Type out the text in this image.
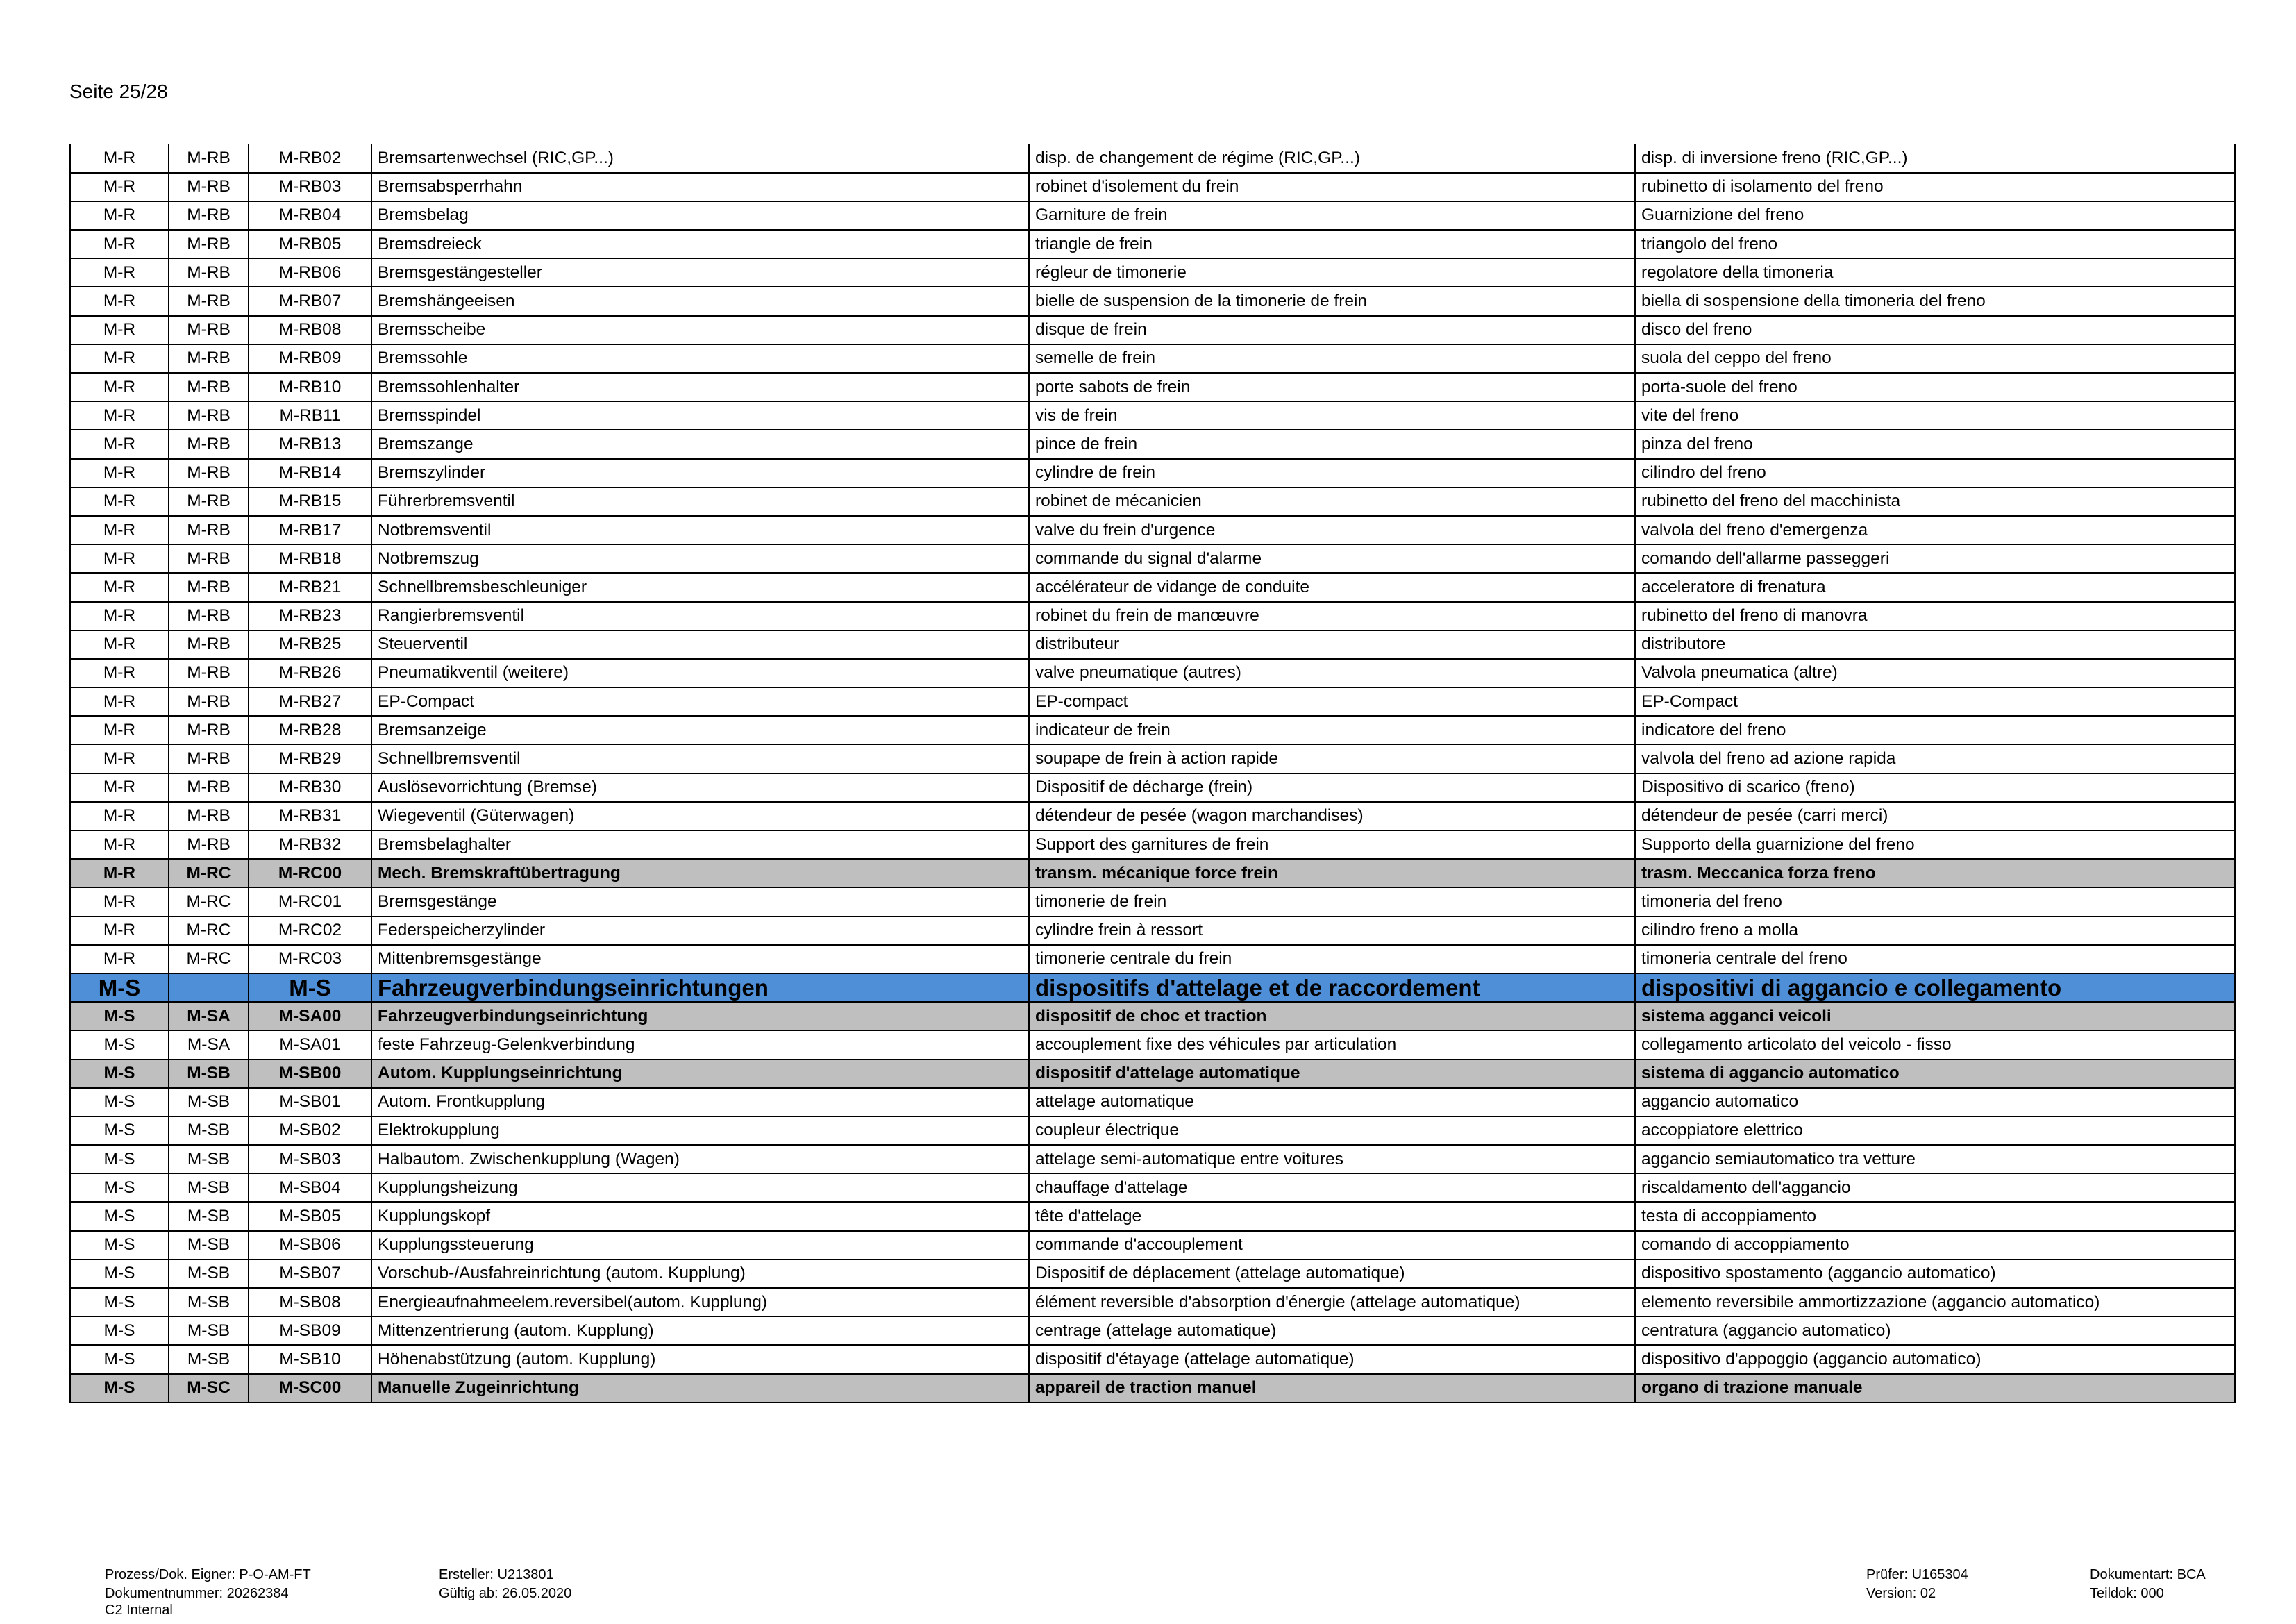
Seite 25/28
M-R	M-RB	M-RB02	Bremsartenwechsel (RIC,GP...)	disp. de changement de régime (RIC,GP...)	disp. di inversione freno (RIC,GP...)
M-R	M-RB	M-RB03	Bremsabsperrhahn	robinet d'isolement du frein	rubinetto di isolamento del freno
M-R	M-RB	M-RB04	Bremsbelag	Garniture de frein	Guarnizione del freno
M-R	M-RB	M-RB05	Bremsdreieck	triangle de frein	triangolo del freno
M-R	M-RB	M-RB06	Bremsgestängesteller	régleur de timonerie	regolatore della timoneria
M-R	M-RB	M-RB07	Bremshängeeisen	bielle de suspension de la timonerie de frein	biella di sospensione della timoneria del freno
M-R	M-RB	M-RB08	Bremsscheibe	disque de frein	disco del freno
M-R	M-RB	M-RB09	Bremssohle	semelle de frein	suola del ceppo del freno
M-R	M-RB	M-RB10	Bremssohlenhalter	porte sabots de frein	porta-suole del freno
M-R	M-RB	M-RB11	Bremsspindel	vis de frein	vite del freno
M-R	M-RB	M-RB13	Bremszange	pince de frein	pinza del freno
M-R	M-RB	M-RB14	Bremszylinder	cylindre de frein	cilindro del freno
M-R	M-RB	M-RB15	Führerbremsventil	robinet de mécanicien	rubinetto del freno del macchinista
M-R	M-RB	M-RB17	Notbremsventil	valve du frein d'urgence	valvola del freno d'emergenza
M-R	M-RB	M-RB18	Notbremszug	commande du signal d'alarme	comando dell'allarme passeggeri
M-R	M-RB	M-RB21	Schnellbremsbeschleuniger	accélérateur de vidange de conduite	acceleratore di frenatura
M-R	M-RB	M-RB23	Rangierbremsventil	robinet du frein de manœuvre	rubinetto del freno di manovra
M-R	M-RB	M-RB25	Steuerventil	distributeur	distributore
M-R	M-RB	M-RB26	Pneumatikventil (weitere)	valve pneumatique (autres)	Valvola pneumatica (altre)
M-R	M-RB	M-RB27	EP-Compact	EP-compact	EP-Compact
M-R	M-RB	M-RB28	Bremsanzeige	indicateur de frein	indicatore del freno
M-R	M-RB	M-RB29	Schnellbremsventil	soupape de frein à action rapide	valvola del freno ad azione rapida
M-R	M-RB	M-RB30	Auslösevorrichtung (Bremse)	Dispositif de décharge (frein)	Dispositivo di scarico (freno)
M-R	M-RB	M-RB31	Wiegeventil (Güterwagen)	détendeur de pesée (wagon marchandises)	détendeur de pesée (carri merci)
M-R	M-RB	M-RB32	Bremsbelaghalter	Support des garnitures de frein	Supporto della guarnizione del freno
M-R	M-RC	M-RC00	Mech. Bremskraftübertragung	transm. mécanique force frein	trasm. Meccanica forza freno
M-R	M-RC	M-RC01	Bremsgestänge	timonerie de frein	timoneria del freno
M-R	M-RC	M-RC02	Federspeicherzylinder	cylindre frein à ressort	cilindro freno a molla
M-R	M-RC	M-RC03	Mittenbremsgestänge	timonerie centrale du frein	timoneria centrale del freno
M-S		M-S	Fahrzeugverbindungseinrichtungen	dispositifs d'attelage et de raccordement	dispositivi di aggancio e collegamento
M-S	M-SA	M-SA00	Fahrzeugverbindungseinrichtung	dispositif de choc et traction	sistema agganci veicoli
M-S	M-SA	M-SA01	feste Fahrzeug-Gelenkverbindung	accouplement fixe des véhicules par articulation	collegamento articolato del veicolo - fisso
M-S	M-SB	M-SB00	Autom. Kupplungseinrichtung	dispositif d'attelage automatique	sistema di aggancio automatico
M-S	M-SB	M-SB01	Autom. Frontkupplung	attelage automatique	aggancio automatico
M-S	M-SB	M-SB02	Elektrokupplung	coupleur électrique	accoppiatore elettrico
M-S	M-SB	M-SB03	Halbautom. Zwischenkupplung (Wagen)	attelage semi-automatique entre voitures	aggancio semiautomatico tra vetture
M-S	M-SB	M-SB04	Kupplungsheizung	chauffage d'attelage	riscaldamento dell'aggancio
M-S	M-SB	M-SB05	Kupplungskopf	tête d'attelage	testa di accoppiamento
M-S	M-SB	M-SB06	Kupplungssteuerung	commande d'accouplement	comando di accoppiamento
M-S	M-SB	M-SB07	Vorschub-/Ausfahreinrichtung (autom. Kupplung)	Dispositif de déplacement (attelage automatique)	dispositivo spostamento (aggancio automatico)
M-S	M-SB	M-SB08	Energieaufnahmeelem.reversibel(autom. Kupplung)	élément reversible d'absorption d'énergie (attelage automatique)	elemento reversibile ammortizzazione (aggancio automatico)
M-S	M-SB	M-SB09	Mittenzentrierung (autom. Kupplung)	centrage (attelage automatique)	centratura (aggancio automatico)
M-S	M-SB	M-SB10	Höhenabstützung (autom. Kupplung)	dispositif d'étayage (attelage automatique)	dispositivo d'appoggio (aggancio automatico)
M-S	M-SC	M-SC00	Manuelle Zugeinrichtung	appareil de traction manuel	organo di trazione manuale
Prozess/Dok. Eigner: P-O-AM-FT
Dokumentnummer: 20262384
C2 Internal
Ersteller: U213801
Gültig ab: 26.05.2020
Prüfer: U165304
Version: 02
Dokumentart: BCA
Teildok: 000
